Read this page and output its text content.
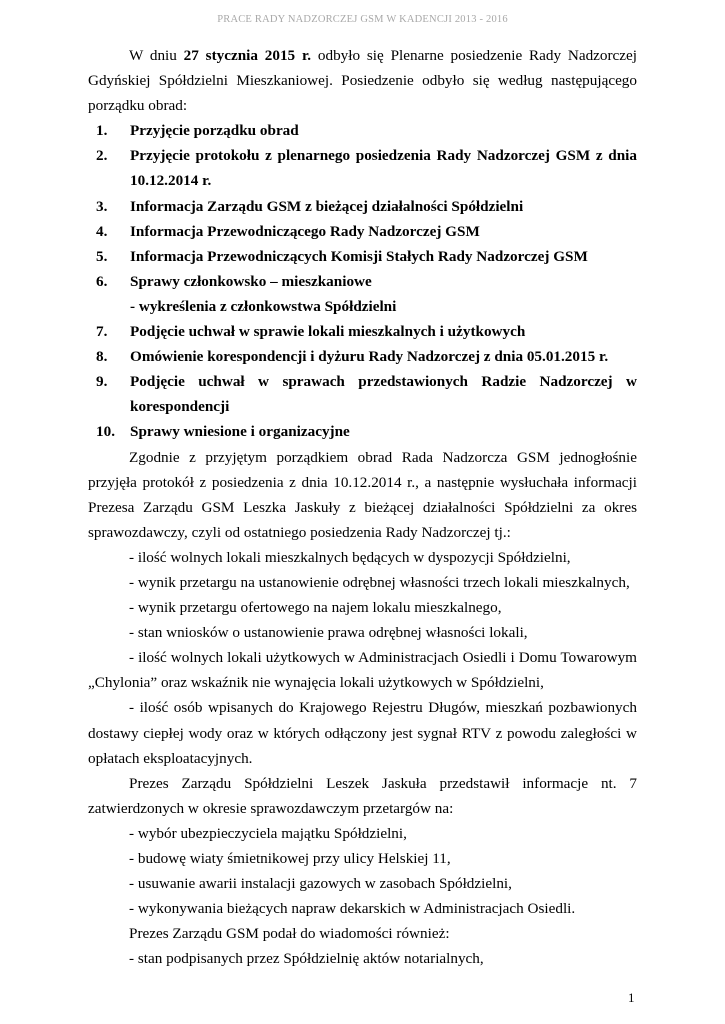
PRACE RADY NADZORCZEJ GSM W KADENCJI 2013 - 2016

W dniu 27 stycznia 2015 r. odbyło się Plenarne posiedzenie Rady Nadzorczej Gdyńskiej Spółdzielni Mieszkaniowej. Posiedzenie odbyło się według następującego porządku obrad:

1.	Przyjęcie porządku obrad
2.	Przyjęcie protokołu z plenarnego posiedzenia Rady Nadzorczej GSM z dnia 10.12.2014 r.
3.	Informacja Zarządu GSM z bieżącej działalności Spółdzielni
4.	Informacja Przewodniczącego Rady Nadzorczej GSM
5.	Informacja Przewodniczących Komisji Stałych Rady Nadzorczej GSM
6.	Sprawy członkowsko – mieszkaniowe
- wykreślenia z członkowstwa Spółdzielni
7.	Podjęcie uchwał w sprawie lokali mieszkalnych i użytkowych
8.	Omówienie korespondencji i dyżuru Rady Nadzorczej z dnia 05.01.2015 r.
9.	Podjęcie uchwał w sprawach przedstawionych Radzie Nadzorczej w korespondencji
10. Sprawy wniesione i organizacyjne

Zgodnie z przyjętym porządkiem obrad Rada Nadzorcza GSM jednogłośnie przyjęła protokół z posiedzenia z dnia 10.12.2014 r., a następnie wysłuchała informacji Prezesa Zarządu GSM Leszka Jaskuły z bieżącej działalności Spółdzielni za okres sprawozdawczy, czyli od ostatniego posiedzenia Rady Nadzorczej tj.:

- ilość wolnych lokali mieszkalnych będących w dyspozycji Spółdzielni,
- wynik przetargu na ustanowienie odrębnej własności trzech lokali mieszkalnych,
- wynik przetargu ofertowego na najem lokalu mieszkalnego,
- stan wniosków o ustanowienie prawa odrębnej własności lokali,
- ilość wolnych lokali użytkowych w Administracjach Osiedli i Domu Towarowym „Chylonia” oraz wskaźnik nie wynajęcia lokali użytkowych w Spółdzielni,
- ilość osób wpisanych do Krajowego Rejestru Długów, mieszkań pozbawionych dostawy ciepłej wody oraz w których odłączony jest sygnał RTV z powodu zaległości w opłatach eksploatacyjnych.

Prezes Zarządu Spółdzielni Leszek Jaskuła przedstawił informacje nt. 7 zatwierdzonych w okresie sprawozdawczym przetargów na:

- wybór ubezpieczyciela majątku Spółdzielni,
- budowę wiaty śmietnikowej przy ulicy Helskiej 11,
- usuwanie awarii instalacji gazowych w zasobach Spółdzielni,
- wykonywania bieżących napraw dekarskich w Administracjach Osiedli.

Prezes Zarządu GSM podał do wiadomości również:

- stan podpisanych przez Spółdzielnię aktów notarialnych,
1
